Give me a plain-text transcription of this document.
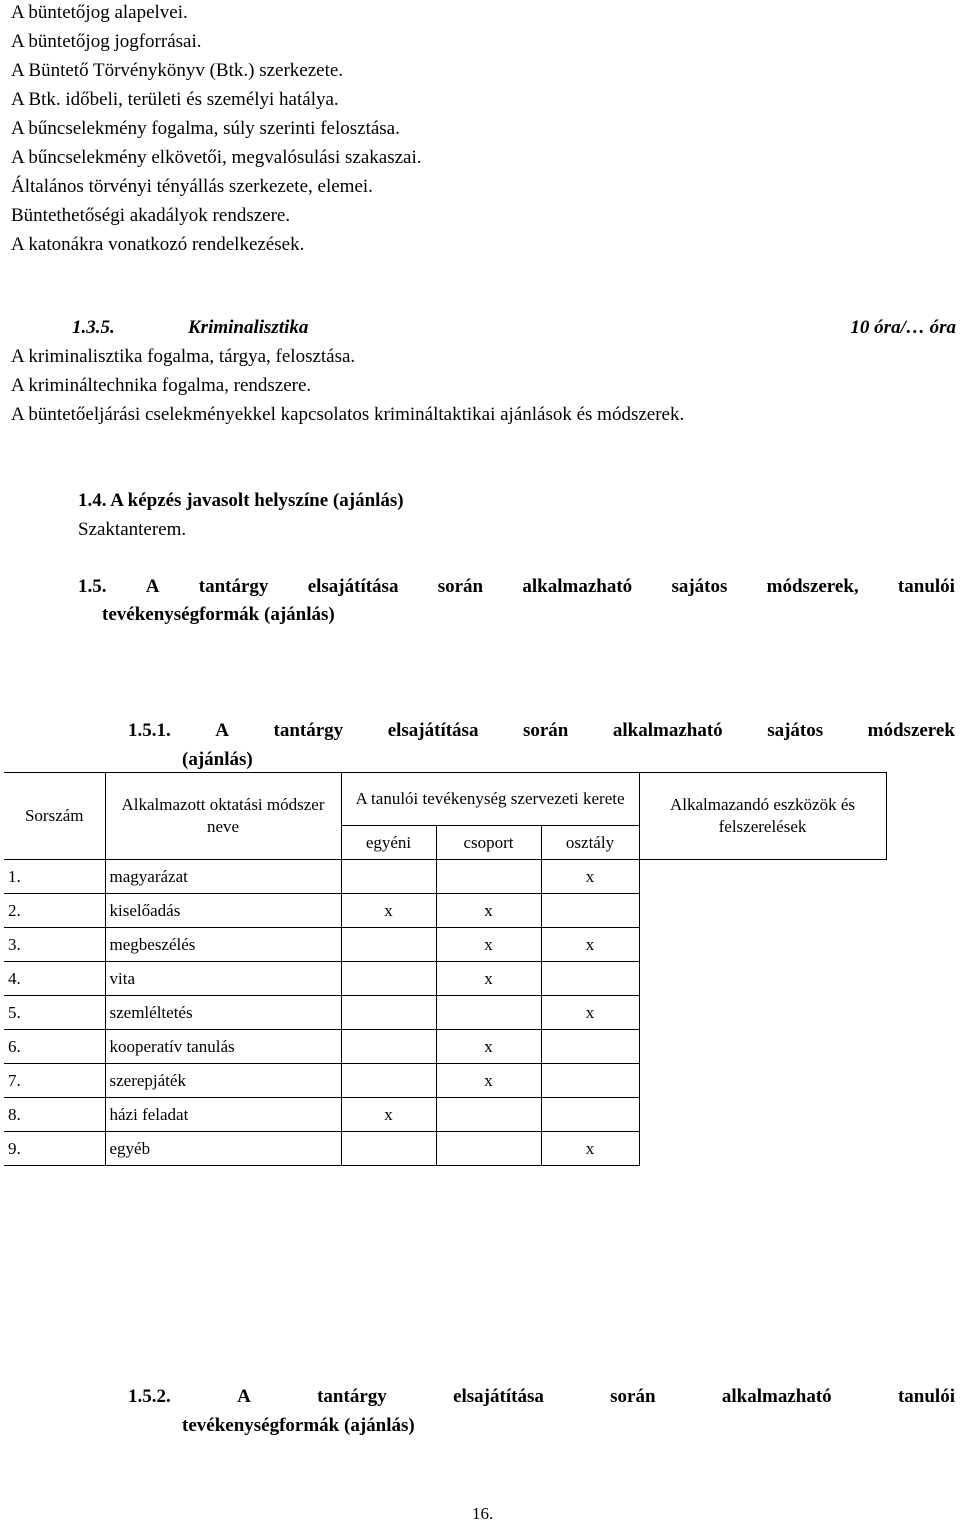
A büntetőjog alapelvei.
A büntetőjog jogforrásai.
A Büntető Törvénykönyv (Btk.) szerkezete.
A Btk. időbeli, területi és személyi hatálya.
A bűncselekmény fogalma, súly szerinti felosztása.
A bűncselekmény elkövetői, megvalósulási szakaszai.
Általános törvényi tényállás szerkezete, elemei.
Büntethetőségi akadályok rendszere.
A katonákra vonatkozó rendelkezések.
1.3.5.	Kriminalisztika	10 óra/… óra
A kriminalisztika fogalma, tárgya, felosztása.
A krimináltechnika fogalma, rendszere.
A büntetőeljárási cselekményekkel kapcsolatos krimináltaktikai ajánlások és módszerek.
1.4. A képzés javasolt helyszíne (ajánlás)
Szaktanterem.
1.5. A tantárgy elsajátítása során alkalmazható sajátos módszerek, tanulói
tevékenységformák (ajánlás)
1.5.1. A tantárgy elsajátítása során alkalmazható sajátos módszerek
(ajánlás)
Sorszám	Alkalmazott oktatási módszer neve	A tanulói tevékenység szervezeti kerete			Alkalmazandó eszközök és felszerelések
		egyéni	csoport	osztály	
1.	magyarázat			x	
2.	kiselőadás	x	x		
3.	megbeszélés		x	x	
4.	vita		x		
5.	szemléltetés			x	
6.	kooperatív tanulás		x		
7.	szerepjáték		x		
8.	házi feladat	x			
9.	egyéb			x	
1.5.2.	A	tantárgy	elsajátítása	során	alkalmazható	tanulói
tevékenységformák (ajánlás)
16.
